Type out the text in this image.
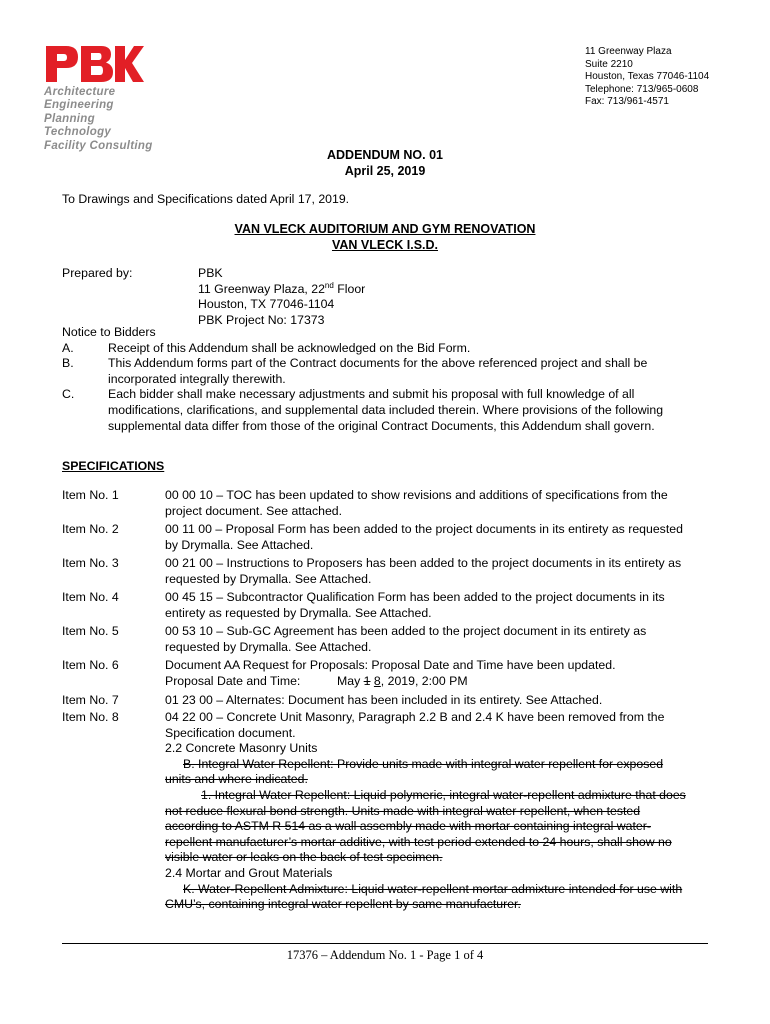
Architecture
Engineering
Planning
Technology
Facility Consulting
11 Greenway Plaza
Suite 2210
Houston, Texas 77046-1104
Telephone: 713/965-0608
Fax: 713/961-4571
ADDENDUM NO. 01
April 25, 2019
To Drawings and Specifications dated April 17, 2019.
VAN VLECK AUDITORIUM AND GYM RENOVATION
VAN VLECK I.S.D.
Prepared by:	PBK
11 Greenway Plaza, 22nd Floor
Houston, TX 77046-1104
PBK Project No: 17373
Notice to Bidders
A.	Receipt of this Addendum shall be acknowledged on the Bid Form.
B.	This Addendum forms part of the Contract documents for the above referenced project and shall be
incorporated integrally therewith.
C.	Each bidder shall make necessary adjustments and submit his proposal with full knowledge of all
modifications, clarifications, and supplemental data included therein. Where provisions of the following
supplemental data differ from those of the original Contract Documents, this Addendum shall govern.
SPECIFICATIONS
Item No. 1	00 00 10 – TOC has been updated to show revisions and additions of specifications from the
project document. See attached.
Item No. 2	00 11 00 – Proposal Form has been added to the project documents in its entirety as requested
by Drymalla. See Attached.
Item No. 3	00 21 00 – Instructions to Proposers has been added to the project documents in its entirety as
requested by Drymalla. See Attached.
Item No. 4	00 45 15 – Subcontractor Qualification Form has been added to the project documents in its
entirety as requested by Drymalla. See Attached.
Item No. 5	00 53 10 – Sub-GC Agreement has been added to the project document in its entirety as
requested by Drymalla. See Attached.
Item No. 6	Document AA Request for Proposals: Proposal Date and Time have been updated.
Proposal Date and Time:	May 1 8, 2019, 2:00 PM
Item No. 7	01 23 00 – Alternates: Document has been included in its entirety. See Attached.
Item No. 8	04 22 00 – Concrete Unit Masonry, Paragraph 2.2 B and 2.4 K have been removed from the
Specification document.
2.2 Concrete Masonry Units
B. Integral Water Repellent: Provide units made with integral water repellent for exposed
units and where indicated.
1. Integral Water Repellent: Liquid polymeric, integral water-repellent admixture that does
not reduce flexural bond strength. Units made with integral water repellent, when tested
according to ASTM R 514 as a wall assembly made with mortar containing integral water-
repellent manufacturer’s mortar additive, with test period extended to 24 hours, shall show no
visible water or leaks on the back of test specimen.
2.4 Mortar and Grout Materials
K. Water-Repellent Admixture: Liquid water-repellent mortar admixture intended for use with
CMU’s, containing integral water repellent by same manufacturer.
17376 – Addendum No. 1 - Page 1 of 4
